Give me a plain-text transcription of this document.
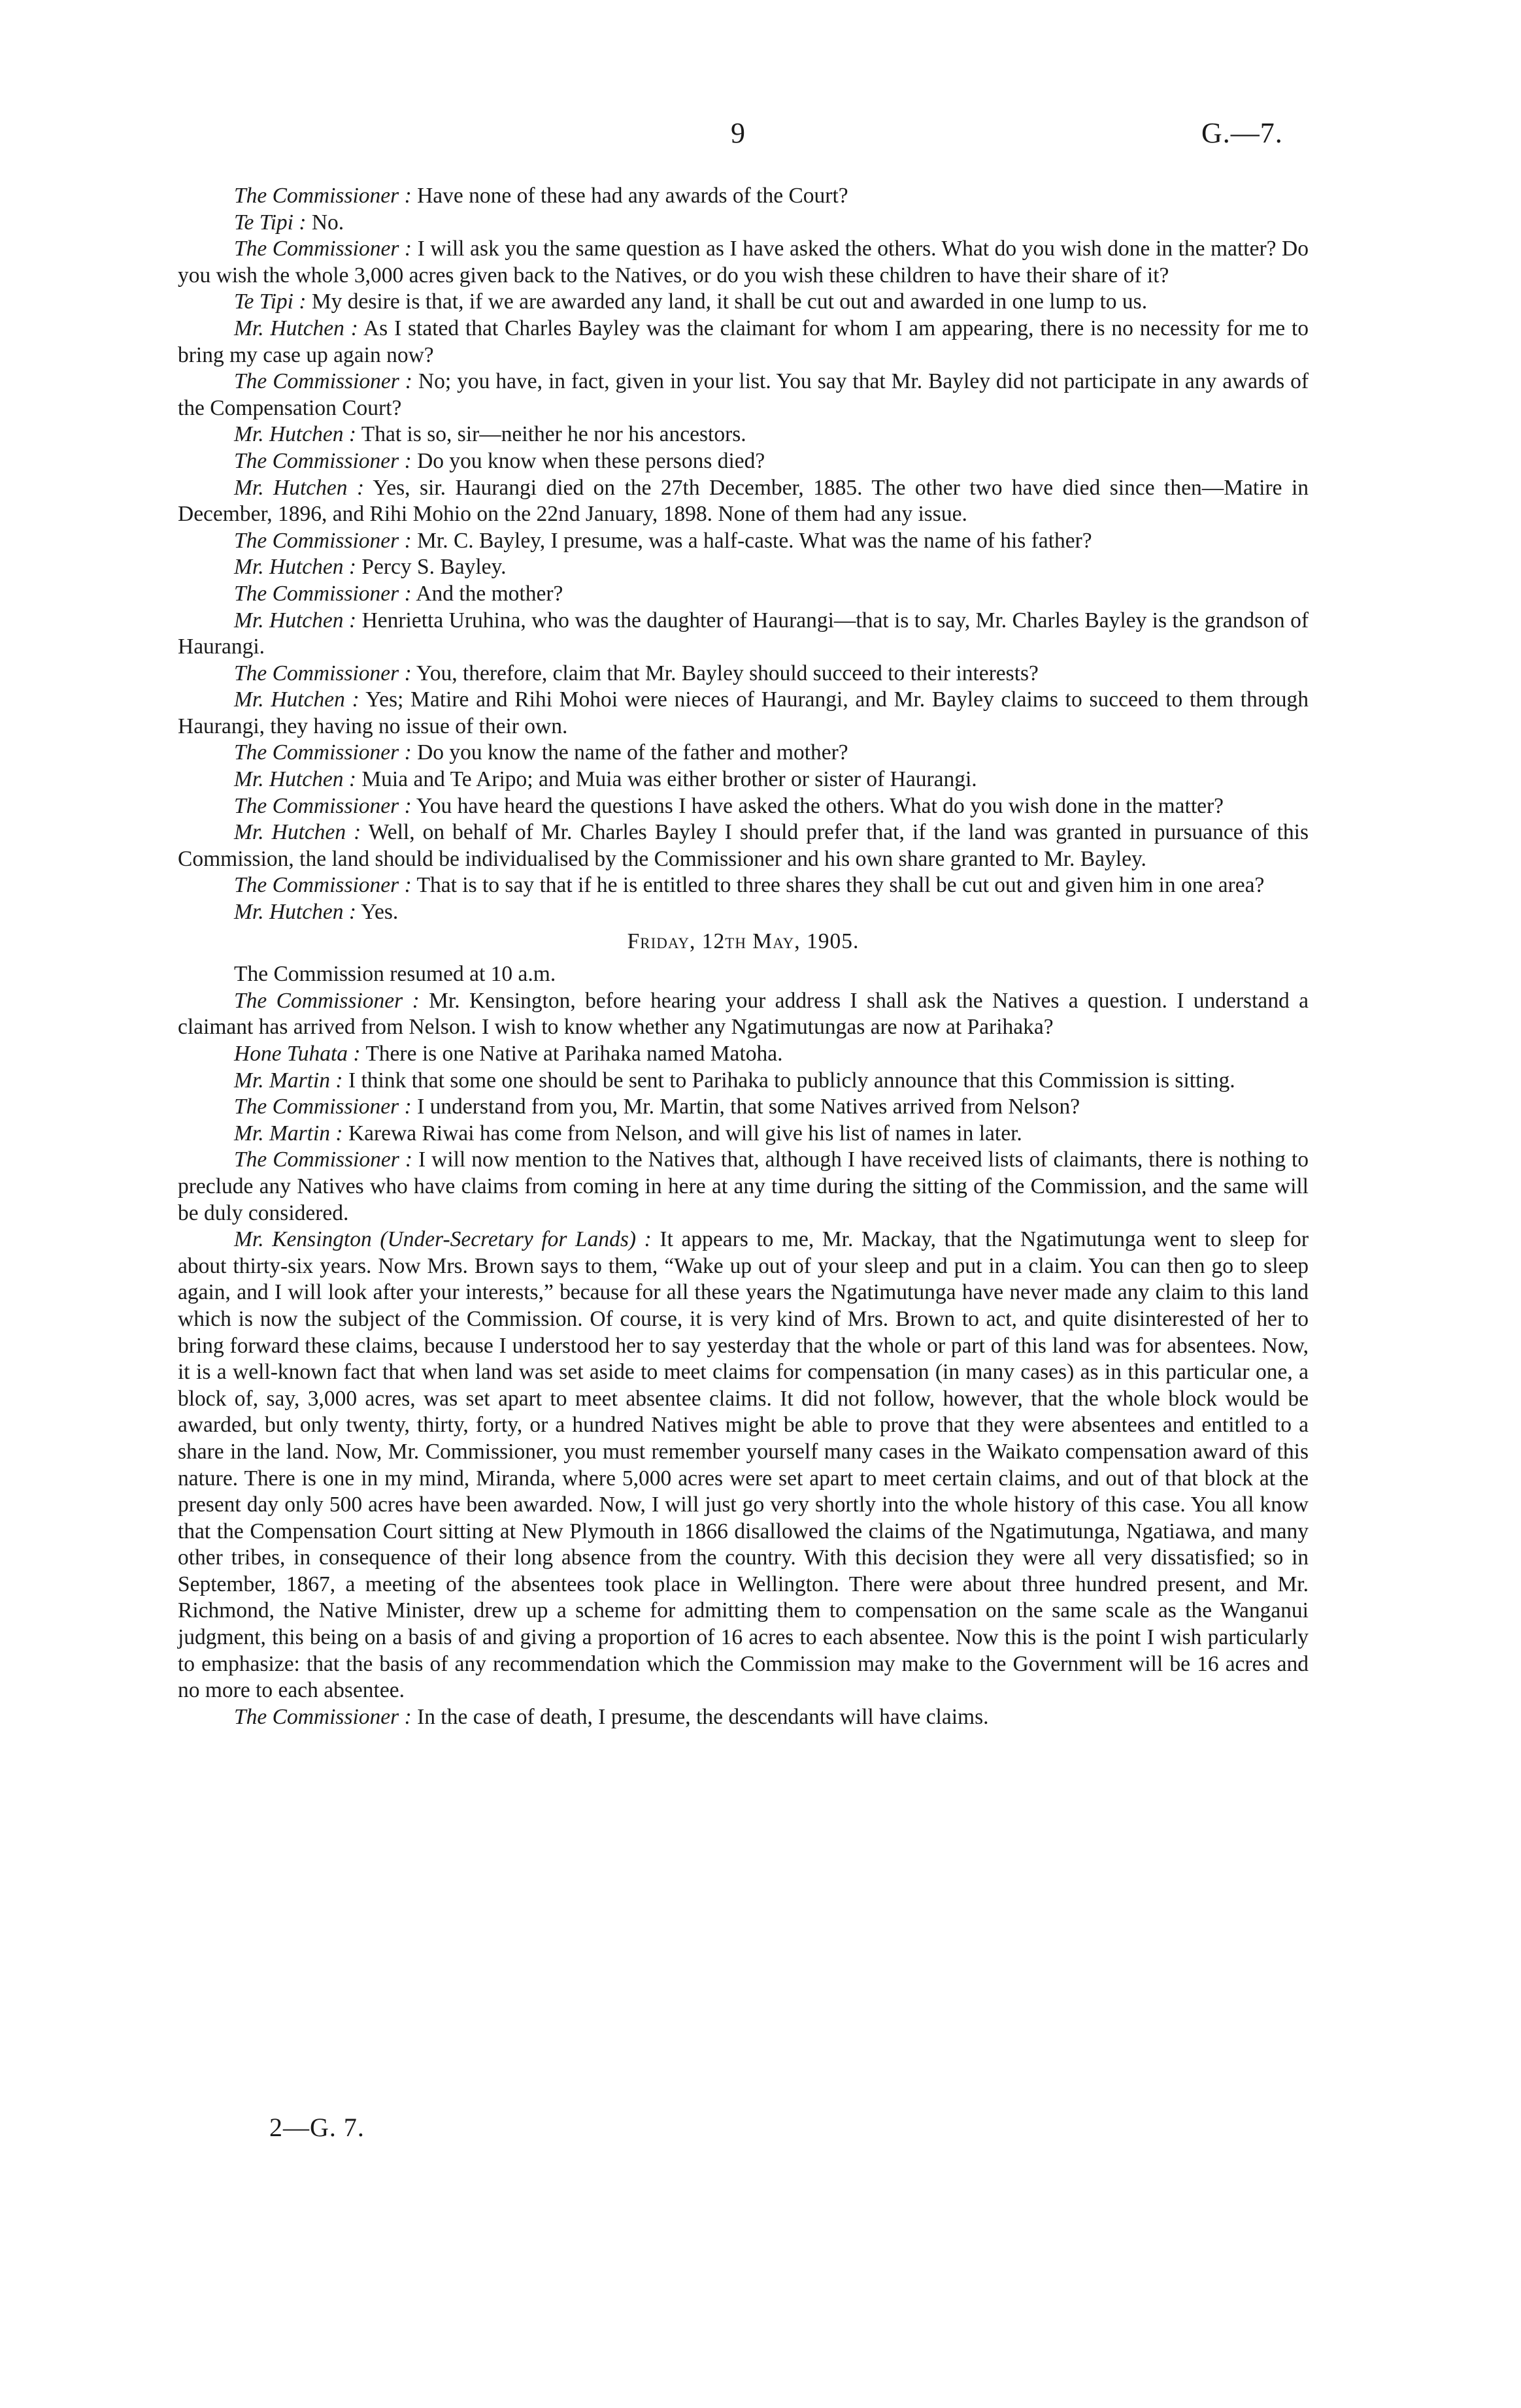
9	G.—7.

The Commissioner : Have none of these had any awards of the Court?

Te Tipi : No.

The Commissioner : I will ask you the same question as I have asked the others. What do you wish done in the matter? Do you wish the whole 3,000 acres given back to the Natives, or do you wish these children to have their share of it?

Te Tipi : My desire is that, if we are awarded any land, it shall be cut out and awarded in one lump to us.

Mr. Hutchen : As I stated that Charles Bayley was the claimant for whom I am appearing, there is no necessity for me to bring my case up again now?

The Commissioner : No; you have, in fact, given in your list. You say that Mr. Bayley did not participate in any awards of the Compensation Court?

Mr. Hutchen : That is so, sir—neither he nor his ancestors.

The Commissioner : Do you know when these persons died?

Mr. Hutchen : Yes, sir. Haurangi died on the 27th December, 1885. The other two have died since then—Matire in December, 1896, and Rihi Mohio on the 22nd January, 1898. None of them had any issue.

The Commissioner : Mr. C. Bayley, I presume, was a half-caste. What was the name of his father?

Mr. Hutchen : Percy S. Bayley.

The Commissioner : And the mother?

Mr. Hutchen : Henrietta Uruhina, who was the daughter of Haurangi—that is to say, Mr. Charles Bayley is the grandson of Haurangi.

The Commissioner : You, therefore, claim that Mr. Bayley should succeed to their interests?

Mr. Hutchen : Yes; Matire and Rihi Mohoi were nieces of Haurangi, and Mr. Bayley claims to succeed to them through Haurangi, they having no issue of their own.

The Commissioner : Do you know the name of the father and mother?

Mr. Hutchen : Muia and Te Aripo; and Muia was either brother or sister of Haurangi.

The Commissioner : You have heard the questions I have asked the others. What do you wish done in the matter?

Mr. Hutchen : Well, on behalf of Mr. Charles Bayley I should prefer that, if the land was granted in pursuance of this Commission, the land should be individualised by the Commissioner and his own share granted to Mr. Bayley.

The Commissioner : That is to say that if he is entitled to three shares they shall be cut out and given him in one area?

Mr. Hutchen : Yes.

Friday, 12th May, 1905.

The Commission resumed at 10 a.m.

The Commissioner : Mr. Kensington, before hearing your address I shall ask the Natives a question. I understand a claimant has arrived from Nelson. I wish to know whether any Ngatimutungas are now at Parihaka?

Hone Tuhata : There is one Native at Parihaka named Matoha.

Mr. Martin : I think that some one should be sent to Parihaka to publicly announce that this Commission is sitting.

The Commissioner : I understand from you, Mr. Martin, that some Natives arrived from Nelson?

Mr. Martin : Karewa Riwai has come from Nelson, and will give his list of names in later.

The Commissioner : I will now mention to the Natives that, although I have received lists of claimants, there is nothing to preclude any Natives who have claims from coming in here at any time during the sitting of the Commission, and the same will be duly considered.

Mr. Kensington (Under-Secretary for Lands) : It appears to me, Mr. Mackay, that the Ngatimutunga went to sleep for about thirty-six years. Now Mrs. Brown says to them, “Wake up out of your sleep and put in a claim. You can then go to sleep again, and I will look after your interests,” because for all these years the Ngatimutunga have never made any claim to this land which is now the subject of the Commission. Of course, it is very kind of Mrs. Brown to act, and quite disinterested of her to bring forward these claims, because I understood her to say yesterday that the whole or part of this land was for absentees. Now, it is a well-known fact that when land was set aside to meet claims for compensation (in many cases) as in this particular one, a block of, say, 3,000 acres, was set apart to meet absentee claims. It did not follow, however, that the whole block would be awarded, but only twenty, thirty, forty, or a hundred Natives might be able to prove that they were absentees and entitled to a share in the land. Now, Mr. Commissioner, you must remember yourself many cases in the Waikato compensation award of this nature. There is one in my mind, Miranda, where 5,000 acres were set apart to meet certain claims, and out of that block at the present day only 500 acres have been awarded. Now, I will just go very shortly into the whole history of this case. You all know that the Compensation Court sitting at New Plymouth in 1866 disallowed the claims of the Ngatimutunga, Ngatiawa, and many other tribes, in consequence of their long absence from the country. With this decision they were all very dissatisfied; so in September, 1867, a meeting of the absentees took place in Wellington. There were about three hundred present, and Mr. Richmond, the Native Minister, drew up a scheme for admitting them to compensation on the same scale as the Wanganui judgment, this being on a basis of and giving a proportion of 16 acres to each absentee. Now this is the point I wish particularly to emphasize: that the basis of any recommendation which the Commission may make to the Government will be 16 acres and no more to each absentee.

The Commissioner : In the case of death, I presume, the descendants will have claims.

2—G. 7.
